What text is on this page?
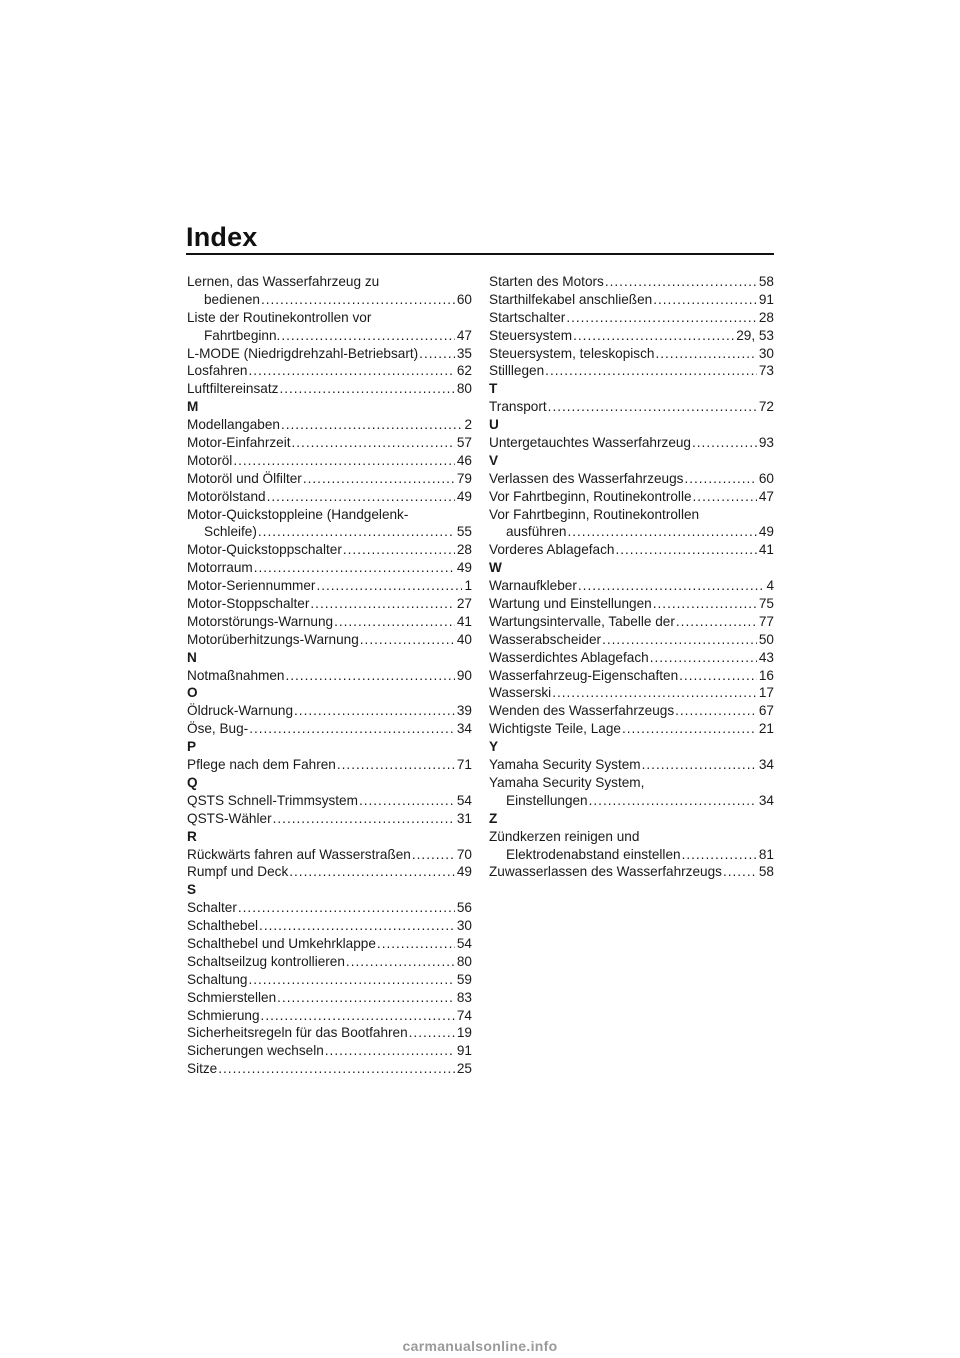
Index
Lernen, das Wasserfahrzeug zu
bedienen .....	60
Liste der Routinekontrollen vor
Fahrtbeginn. .....	47
L-MODE (Niedrigdrehzahl-Betriebsart) .....	35
Losfahren .....	62
Luftfiltereinsatz .....	80
M
Modellangaben .....	2
Motor-Einfahrzeit .....	57
Motoröl .....	46
Motoröl und Ölfilter .....	79
Motorölstand .....	49
Motor-Quickstoppleine (Handgelenk-
Schleife) .....	55
Motor-Quickstoppschalter .....	28
Motorraum .....	49
Motor-Seriennummer .....	1
Motor-Stoppschalter .....	27
Motorstörungs-Warnung .....	41
Motorüberhitzungs-Warnung .....	40
N
Notmaßnahmen .....	90
O
Öldruck-Warnung .....	39
Öse, Bug- .....	34
P
Pflege nach dem Fahren .....	71
Q
QSTS Schnell-Trimmsystem .....	54
QSTS-Wähler .....	31
R
Rückwärts fahren auf Wasserstraßen .....	70
Rumpf und Deck .....	49
S
Schalter .....	56
Schalthebel .....	30
Schalthebel und Umkehrklappe .....	54
Schaltseilzug kontrollieren .....	80
Schaltung .....	59
Schmierstellen .....	83
Schmierung .....	74
Sicherheitsregeln für das Bootfahren .....	19
Sicherungen wechseln .....	91
Sitze .....	25
Starten des Motors .....	58
Starthilfekabel anschließen .....	91
Startschalter .....	28
Steuersystem .....	29, 53
Steuersystem, teleskopisch .....	30
Stilllegen .....	73
T
Transport .....	72
U
Untergetauchtes Wasserfahrzeug .....	93
V
Verlassen des Wasserfahrzeugs .....	60
Vor Fahrtbeginn, Routinekontrolle .....	47
Vor Fahrtbeginn, Routinekontrollen
ausführen .....	49
Vorderes Ablagefach .....	41
W
Warnaufkleber .....	4
Wartung und Einstellungen .....	75
Wartungsintervalle, Tabelle der .....	77
Wasserabscheider .....	50
Wasserdichtes Ablagefach .....	43
Wasserfahrzeug-Eigenschaften .....	16
Wasserski .....	17
Wenden des Wasserfahrzeugs .....	67
Wichtigste Teile, Lage .....	21
Y
Yamaha Security System .....	34
Yamaha Security System,
Einstellungen .....	34
Z
Zündkerzen reinigen und
Elektrodenabstand einstellen .....	81
Zuwasserlassen des Wasserfahrzeugs .....	58
carmanualsonline.info
